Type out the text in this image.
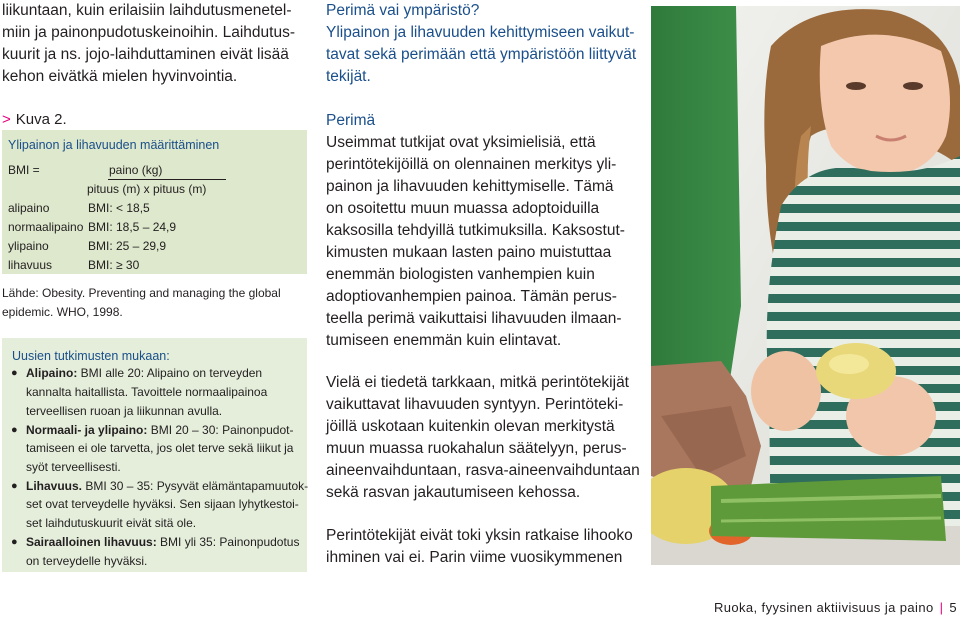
liikuntaan, kuin erilaisiin laihdutusmenetel-
miin ja painonpudotuskeinoihin. Laihdutus-
kuurit ja ns. jojo-laihduttaminen eivät lisää
kehon eivätkä mielen hyvinvointia.
> Kuva 2.
Ylipainon ja lihavuuden määrittäminen
BMI =	paino (kg)
pituus (m) x pituus (m)
alipaino	BMI: < 18,5
normaalipaino BMI: 18,5 – 24,9
ylipaino	BMI: 25 – 29,9
lihavuus	BMI: ≥ 30
Lähde: Obesity. Preventing and managing the global
epidemic. WHO, 1998.
Uusien tutkimusten mukaan:
● Alipaino: BMI alle 20: Alipaino on terveyden
kannalta haitallista. Tavoittele normaalipainoa
terveellisen ruoan ja liikunnan avulla.
● Normaali- ja ylipaino: BMI 20 – 30: Painonpudot-
tamiseen ei ole tarvetta, jos olet terve sekä liikut ja
syöt terveellisesti.
● Lihavuus. BMI 30 – 35: Pysyvät elämäntapamuutok-
set ovat terveydelle hyväksi. Sen sijaan lyhytkestoi-
set laihdutuskuurit eivät sitä ole.
● Sairaalloinen lihavuus: BMI yli 35: Painonpudotus
on terveydelle hyväksi.
Perimä vai ympäristö?
Ylipainon ja lihavuuden kehittymiseen vaikut-
tavat sekä perimään että ympäristöön liittyvät
tekijät.
Perimä
Useimmat tutkijat ovat yksimielisiä, että
perintötekijöillä on olennainen merkitys yli-
painon ja lihavuuden kehittymiselle. Tämä
on osoitettu muun muassa adoptoiduilla
kaksosilla tehdyillä tutkimuksilla. Kaksostut-
kimusten mukaan lasten paino muistuttaa
enemmän biologisten vanhempien kuin
adoptiovanhempien painoa. Tämän perus-
teella perimä vaikuttaisi lihavuuden ilmaan-
tumiseen enemmän kuin elintavat.
Vielä ei tiedetä tarkkaan, mitkä perintötekijät
vaikuttavat lihavuuden syntyyn. Perintöteki-
jöillä uskotaan kuitenkin olevan merkitystä
muun muassa ruokahalun säätelyyn, perus-
aineenvaihduntaan, rasva-aineenvaihduntaan
sekä rasvan jakautumiseen kehossa.
Perintötekijät eivät toki yksin ratkaise lihooko
ihminen vai ei. Parin viime vuosikymmenen
Ruoka, fyysinen aktiivisuus ja paino | 5
